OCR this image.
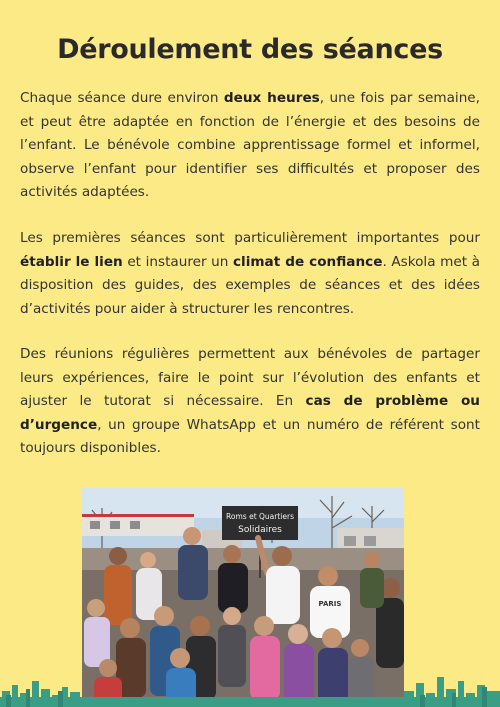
Déroulement des séances

Chaque séance dure environ deux heures, une fois par semaine, et peut être adaptée en fonction de l’énergie et des besoins de l’enfant. Le bénévole combine apprentissage formel et informel, observe l’enfant pour identifier ses difficultés et proposer des activités adaptées.

Les premières séances sont particulièrement importantes pour établir le lien et instaurer un climat de confiance. Askola met à disposition des guides, des exemples de séances et des idées d’activités pour aider à structurer les rencontres.

Des réunions régulières permettent aux bénévoles de partager leurs expériences, faire le point sur l’évolution des enfants et ajuster le tutorat si nécessaire. En cas de problème ou d’urgence, un groupe WhatsApp et un numéro de référent sont toujours disponibles.

Roms et Quartiers
Solidaires
PARIS
